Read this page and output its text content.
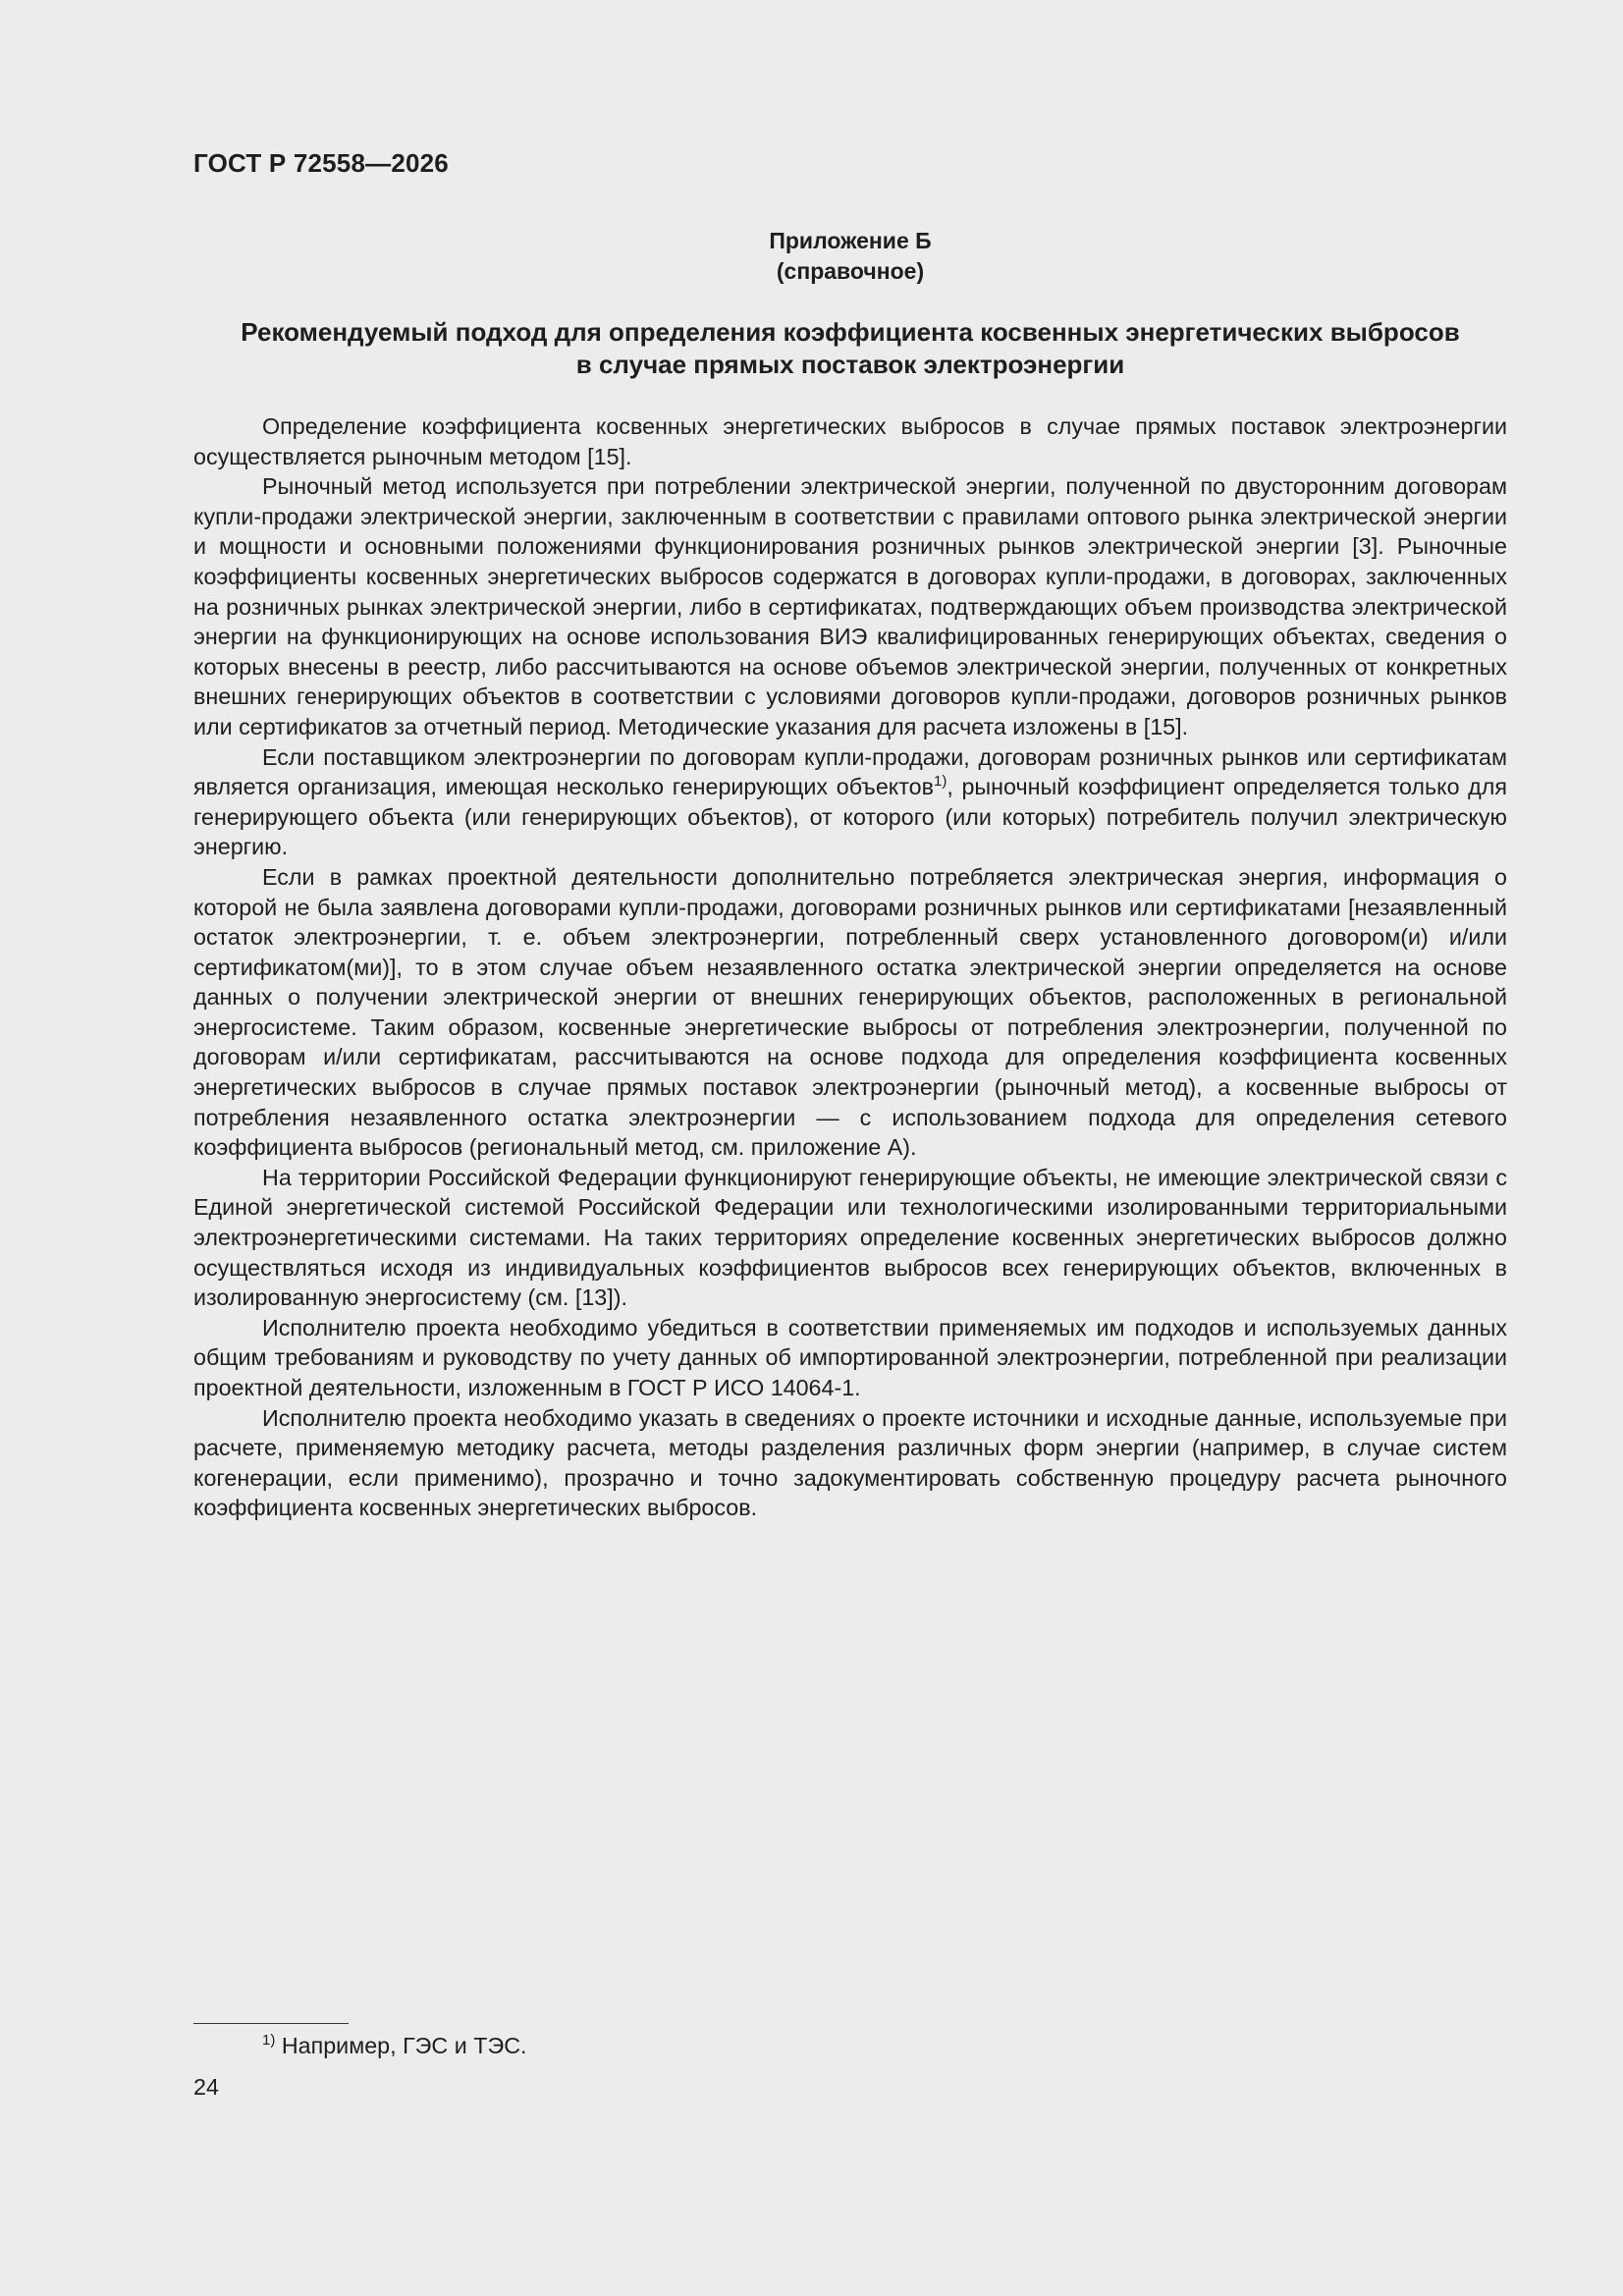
ГОСТ Р 72558—2026
Приложение Б
(справочное)
Рекомендуемый подход для определения коэффициента косвенных энергетических выбросов
в случае прямых поставок электроэнергии

Определение коэффициента косвенных энергетических выбросов в случае прямых поставок электроэнергии осуществляется рыночным методом [15].

Рыночный метод используется при потреблении электрической энергии, полученной по двусторонним договорам купли-продажи электрической энергии, заключенным в соответствии с правилами оптового рынка электрической энергии и мощности и основными положениями функционирования розничных рынков электрической энергии [3]. Рыночные коэффициенты косвенных энергетических выбросов содержатся в договорах купли-продажи, в договорах, заключенных на розничных рынках электрической энергии, либо в сертификатах, подтверждающих объем производства электрической энергии на функционирующих на основе использования ВИЭ квалифицированных генерирующих объектах, сведения о которых внесены в реестр, либо рассчитываются на основе объемов электрической энергии, полученных от конкретных внешних генерирующих объектов в соответствии с условиями договоров купли-продажи, договоров розничных рынков или сертификатов за отчетный период. Методические указания для расчета изложены в [15].

Если поставщиком электроэнергии по договорам купли-продажи, договорам розничных рынков или сертификатам является организация, имеющая несколько генерирующих объектов$^{1)}$, рыночный коэффициент определяется только для генерирующего объекта (или генерирующих объектов), от которого (или которых) потребитель получил электрическую энергию.

Если в рамках проектной деятельности дополнительно потребляется электрическая энергия, информация о которой не была заявлена договорами купли-продажи, договорами розничных рынков или сертификатами [незаявленный остаток электроэнергии, т. е. объем электроэнергии, потребленный сверх установленного договором(и) и/или сертификатом(ми)], то в этом случае объем незаявленного остатка электрической энергии определяется на основе данных о получении электрической энергии от внешних генерирующих объектов, расположенных в региональной энергосистеме. Таким образом, косвенные энергетические выбросы от потребления электроэнергии, полученной по договорам и/или сертификатам, рассчитываются на основе подхода для определения коэффициента косвенных энергетических выбросов в случае прямых поставок электроэнергии (рыночный метод), а косвенные выбросы от потребления незаявленного остатка электроэнергии — с использованием подхода для определения сетевого коэффициента выбросов (региональный метод, см. приложение А).

На территории Российской Федерации функционируют генерирующие объекты, не имеющие электрической связи с Единой энергетической системой Российской Федерации или технологическими изолированными территориальными электроэнергетическими системами. На таких территориях определение косвенных энергетических выбросов должно осуществляться исходя из индивидуальных коэффициентов выбросов всех генерирующих объектов, включенных в изолированную энергосистему (см. [13]).

Исполнителю проекта необходимо убедиться в соответствии применяемых им подходов и используемых данных общим требованиям и руководству по учету данных об импортированной электроэнергии, потребленной при реализации проектной деятельности, изложенным в ГОСТ Р ИСО 14064-1.

Исполнителю проекта необходимо указать в сведениях о проекте источники и исходные данные, используемые при расчете, применяемую методику расчета, методы разделения различных форм энергии (например, в случае систем когенерации, если применимо), прозрачно и точно задокументировать собственную процедуру расчета рыночного коэффициента косвенных энергетических выбросов.

$^{1)}$ Например, ГЭС и ТЭС.
24
